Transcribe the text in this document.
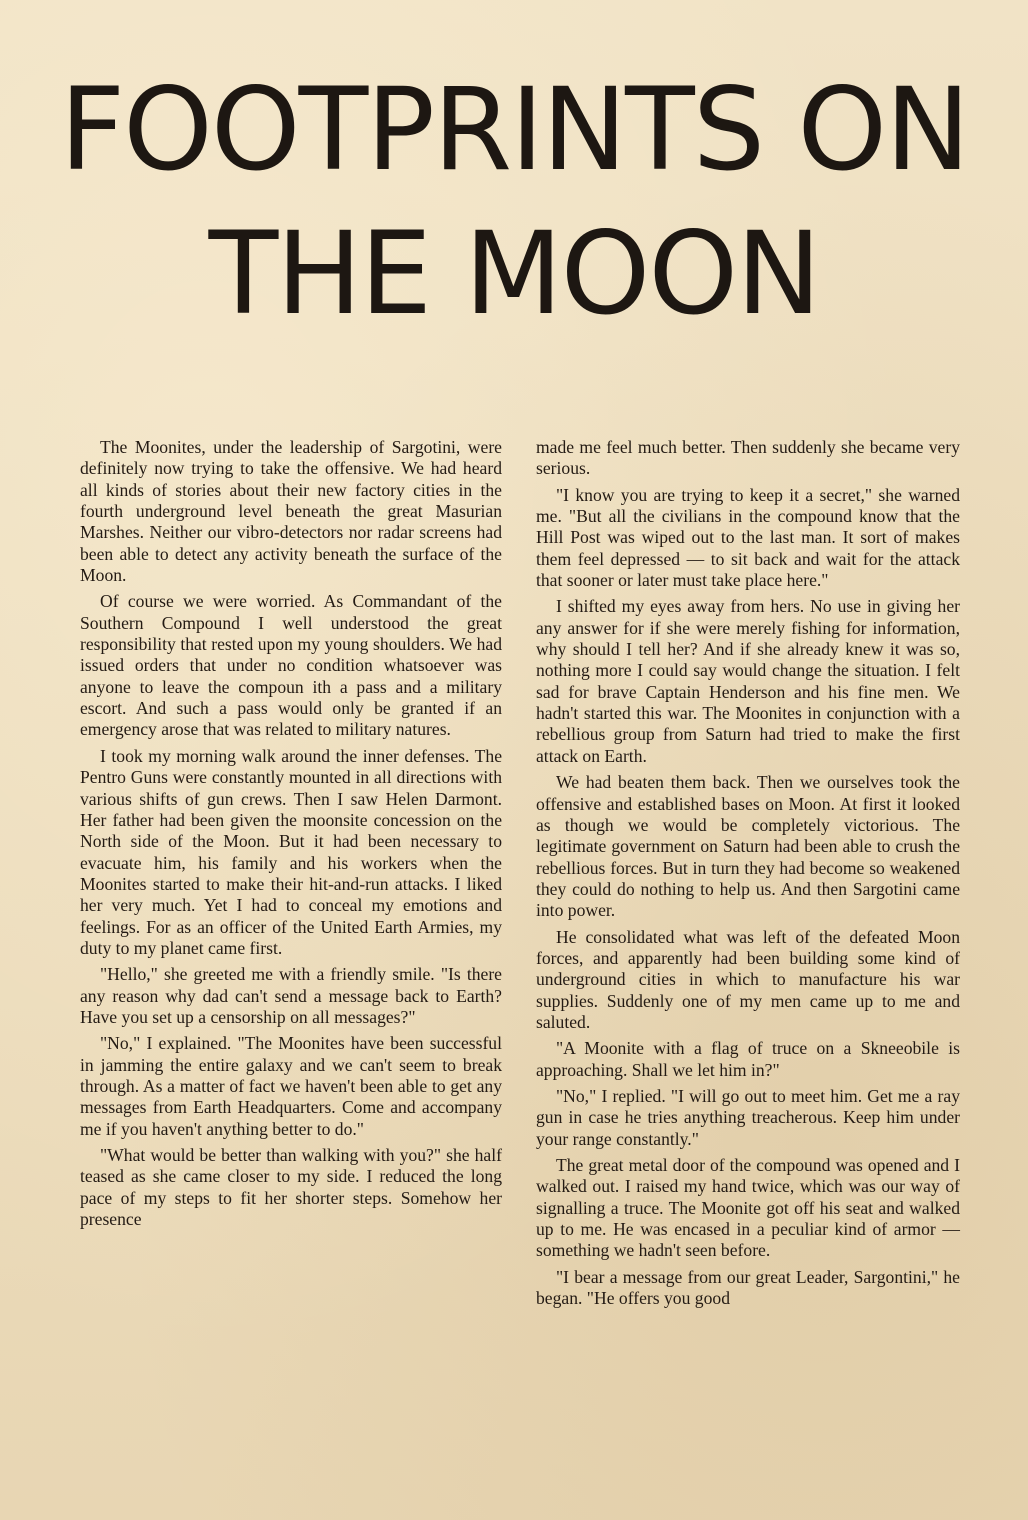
FOOTPRINTS ON
THE MOON

The Moonites, under the leadership of Sargotini, were definitely now trying to take the offensive. We had heard all kinds of stories about their new factory cities in the fourth underground level beneath the great Masurian Marshes. Neither our vibro-detectors nor radar screens had been able to detect any activity beneath the surface of the Moon.

Of course we were worried. As Commandant of the Southern Compound I well understood the great responsibility that rested upon my young shoulders. We had issued orders that under no condition whatsoever was anyone to leave the compoun ith a pass and a military escort. And such a pass would only be granted if an emergency arose that was related to military natures.

I took my morning walk around the inner defenses. The Pentro Guns were constantly mounted in all directions with various shifts of gun crews. Then I saw Helen Darmont. Her father had been given the moonsite concession on the North side of the Moon. But it had been necessary to evacuate him, his family and his workers when the Moonites started to make their hit-and-run attacks. I liked her very much. Yet I had to conceal my emotions and feelings. For as an officer of the United Earth Armies, my duty to my planet came first.

"Hello," she greeted me with a friendly smile. "Is there any reason why dad can't send a message back to Earth? Have you set up a censorship on all messages?"

"No," I explained. "The Moonites have been successful in jamming the entire galaxy and we can't seem to break through. As a matter of fact we haven't been able to get any messages from Earth Headquarters. Come and accompany me if you haven't anything better to do."

"What would be better than walking with you?" she half teased as she came closer to my side. I reduced the long pace of my steps to fit her shorter steps. Somehow her presence

made me feel much better. Then suddenly she became very serious.

"I know you are trying to keep it a secret," she warned me. "But all the civilians in the compound know that the Hill Post was wiped out to the last man. It sort of makes them feel depressed — to sit back and wait for the attack that sooner or later must take place here."

I shifted my eyes away from hers. No use in giving her any answer for if she were merely fishing for information, why should I tell her? And if she already knew it was so, nothing more I could say would change the situation. I felt sad for brave Captain Henderson and his fine men. We hadn't started this war. The Moonites in conjunction with a rebellious group from Saturn had tried to make the first attack on Earth.

We had beaten them back. Then we ourselves took the offensive and established bases on Moon. At first it looked as though we would be completely victorious. The legitimate government on Saturn had been able to crush the rebellious forces. But in turn they had become so weakened they could do nothing to help us. And then Sargotini came into power.

He consolidated what was left of the defeated Moon forces, and apparently had been building some kind of underground cities in which to manufacture his war supplies. Suddenly one of my men came up to me and saluted.

"A Moonite with a flag of truce on a Skneeobile is approaching. Shall we let him in?"

"No," I replied. "I will go out to meet him. Get me a ray gun in case he tries anything treacherous. Keep him under your range constantly."

The great metal door of the compound was opened and I walked out. I raised my hand twice, which was our way of signalling a truce. The Moonite got off his seat and walked up to me. He was encased in a peculiar kind of armor — something we hadn't seen before.

"I bear a message from our great Leader, Sargontini," he began. "He offers you good
